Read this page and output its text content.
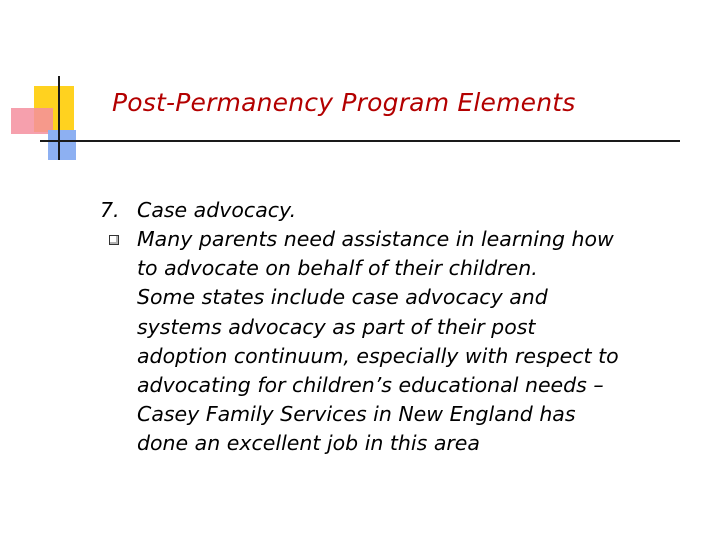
Post-Permanency Program Elements
7. Case advocacy.
Many parents need assistance in learning how
to advocate on behalf of their children.
Some states include case advocacy and
systems advocacy as part of their post
adoption continuum, especially with respect to
advocating for children’s educational needs –
Casey Family Services in New England has
done an excellent job in this area
